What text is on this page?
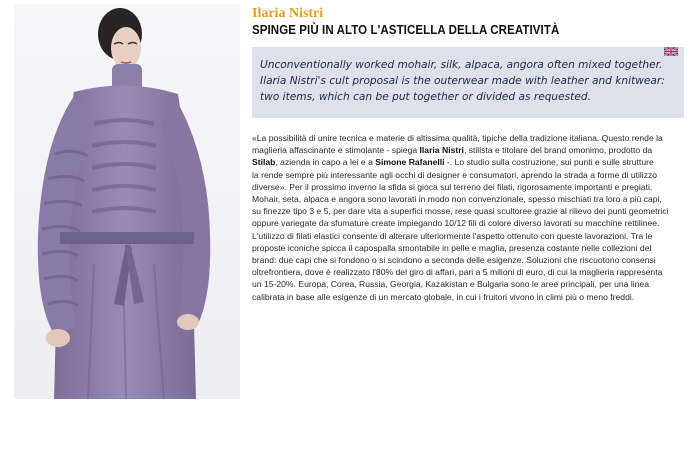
Ilaria Nistri

SPINGE PIÙ IN ALTO L'ASTICELLA DELLA CREATIVITÀ

Unconventionally worked mohair, silk, alpaca, angora often mixed together.

Ilaria Nistri's cult proposal is the outerwear made with leather and knitwear:

two items, which can be put together or divided as requested.

«La possibilità di unire tecnica e materie di altissima qualità, tipiche della tradizione italiana. Questo rende la
maglieria affascinante e stimolante - spiega Ilaria Nistri, stilista e titolare del brand omonimo, prodotto da
Stilab, azienda in capo a lei e a Simone Rafanelli -. Lo studio sulla costruzione, sui punti e sulle strutture
la rende sempre più interessante agli occhi di designer e consumatori, aprendo la strada a forme di utilizzo
diverse». Per il prossimo inverno la sfida si gioca sul terreno dei filati, rigorosamente importanti e pregiati.
Mohair, seta, alpaca e angora sono lavorati in modo non convenzionale, spesso mischiati tra loro a più capi,
su finezze tipo 3 e 5, per dare vita a superfici mosse, rese quasi scultoree grazie al rilievo dei punti geometrici
oppure variegate da sfumature create impiegando 10/12 fili di colore diverso lavorati su macchine rettilinee.
L'utilizzo di filati elastici consente di alterare ulteriormente l'aspetto ottenuto con queste lavorazioni. Tra le
proposte iconiche spicca il capospalla smontabile in pelle e maglia, presenza costante nelle collezioni del
brand: due capi che si fondono o si scindono a seconda delle esigenze. Soluzioni che riscuotono consensi
oltrefrontiera, dove è realizzato l'80% del giro di affari, pari a 5 milioni di euro, di cui la maglieria rappresenta
un 15-20%. Europa, Corea, Russia, Georgia, Kazakistan e Bulgaria sono le aree principali, per una linea
calibrata in base alle esigenze di un mercato globale, in cui i fruitori vivono in climi più o meno freddi.
